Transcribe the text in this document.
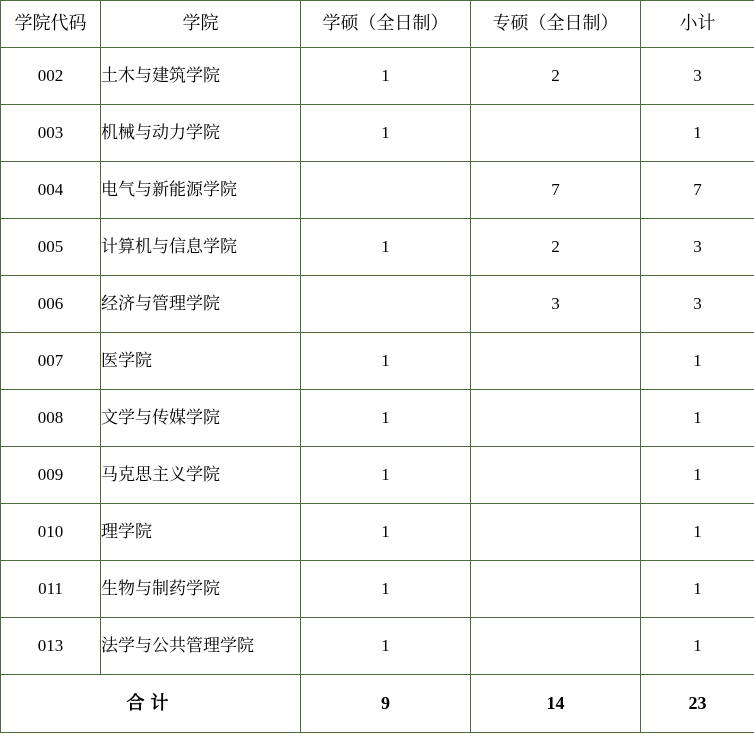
学院代码	学院	学硕（全日制）	专硕（全日制）	小计
002	土木与建筑学院	1	2	3
003	机械与动力学院	1		1
004	电气与新能源学院		7	7
005	计算机与信息学院	1	2	3
006	经济与管理学院		3	3
007	医学院	1		1
008	文学与传媒学院	1		1
009	马克思主义学院	1		1
010	理学院	1		1
011	生物与制药学院	1		1
013	法学与公共管理学院	1		1
合计		9	14	23
